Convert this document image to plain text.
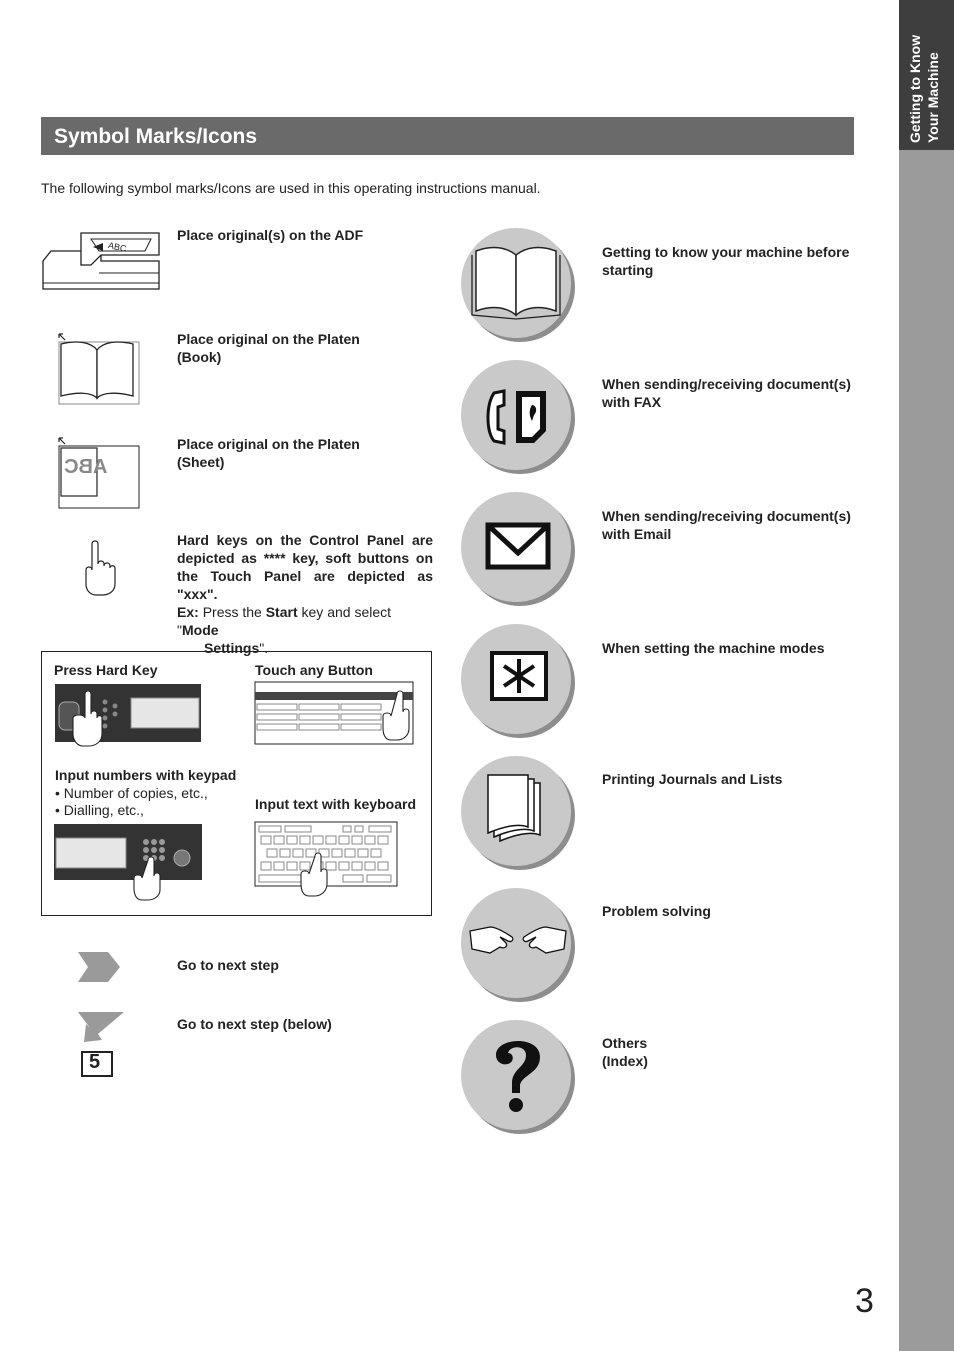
Getting to Know Your Machine
Symbol Marks/Icons
The following symbol marks/Icons are used in this operating instructions manual.
ABC
Place original(s) on the ADF
Place original on the Platen
(Book)
ABC
Place original on the Platen
(Sheet)
Hard keys on the Control Panel are depicted as **** key, soft buttons on the Touch Panel are depicted as "xxx".
Ex: Press the Start key and select "Mode
Settings".
Press Hard Key	Touch any Button
Input numbers with keypad
• Number of copies, etc.,
• Dialling, etc.,	Input text with keyboard
Go to next step
5
Go to next step (below)
Getting to know your machine before
starting
When sending/receiving document(s)
with FAX
When sending/receiving document(s)
with Email
When setting the machine modes
Printing Journals and Lists
Problem solving
Others
(Index)
3
